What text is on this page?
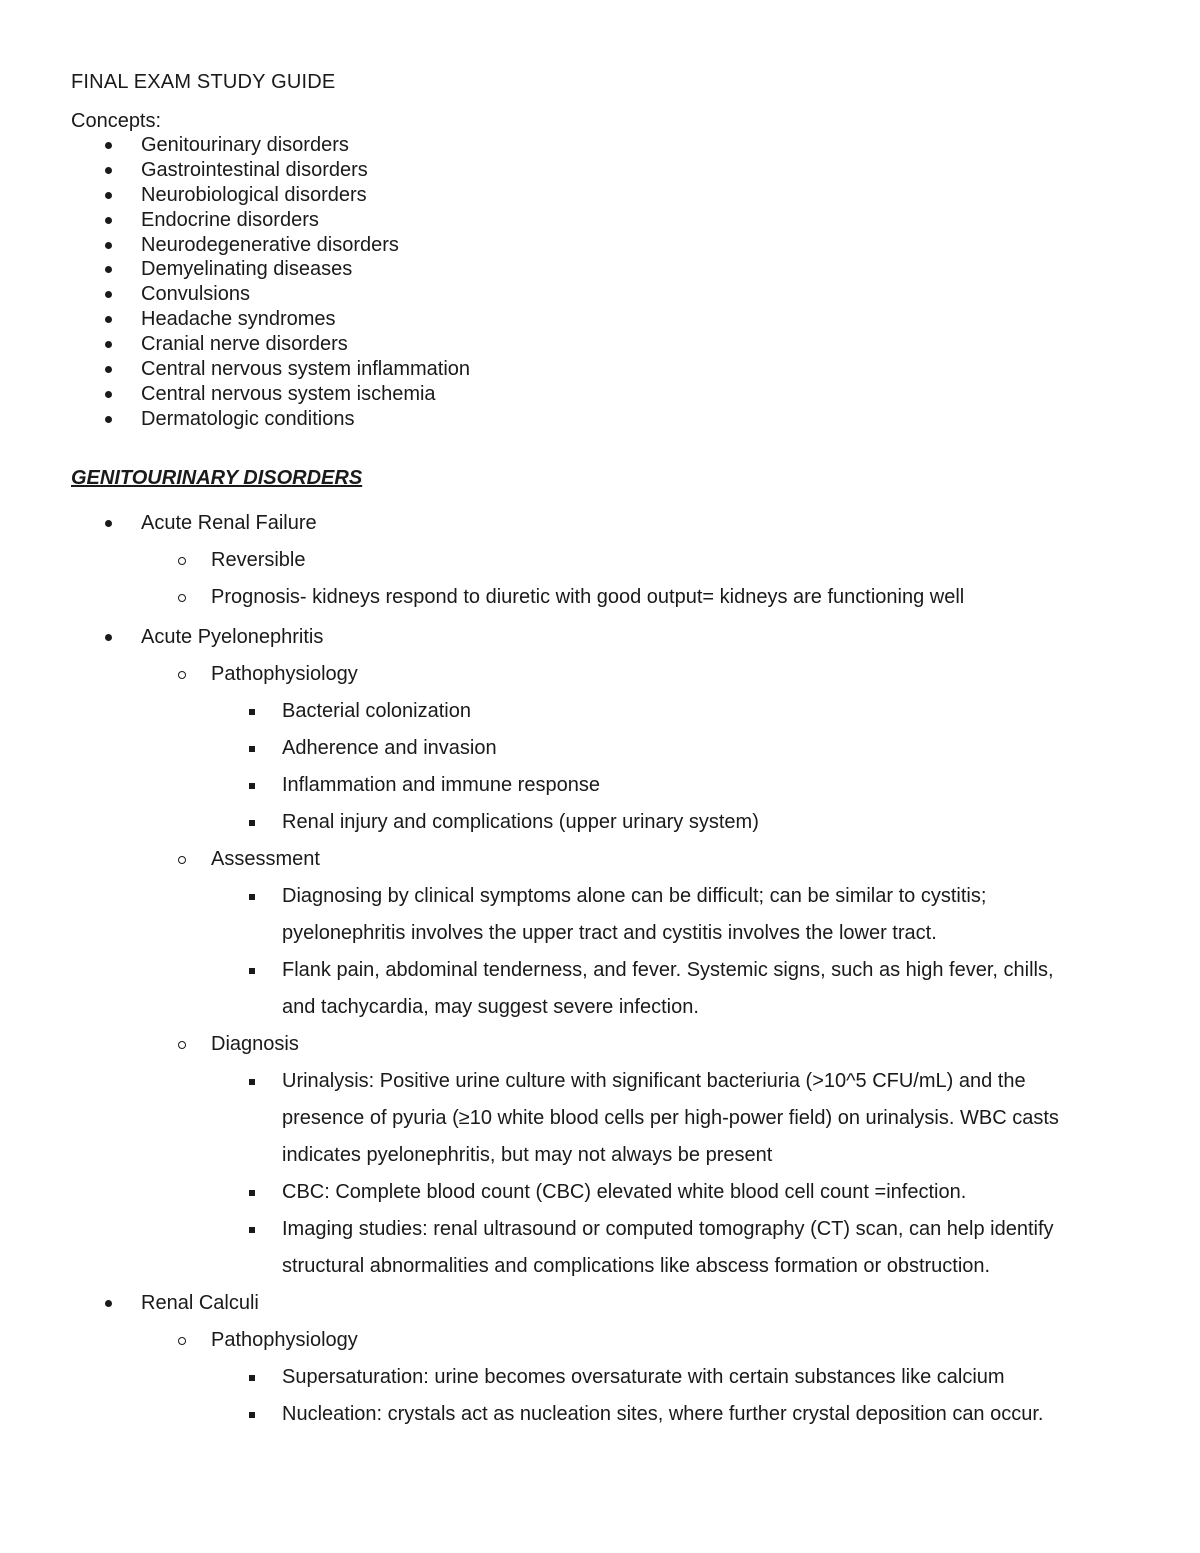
FINAL EXAM STUDY GUIDE
Concepts:
Genitourinary disorders
Gastrointestinal disorders
Neurobiological disorders
Endocrine disorders
Neurodegenerative disorders
Demyelinating diseases
Convulsions
Headache syndromes
Cranial nerve disorders
Central nervous system inflammation
Central nervous system ischemia
Dermatologic conditions
GENITOURINARY DISORDERS
Acute Renal Failure
Reversible
Prognosis- kidneys respond to diuretic with good output= kidneys are functioning well
Acute Pyelonephritis
Pathophysiology
Bacterial colonization
Adherence and invasion
Inflammation and immune response
Renal injury and complications (upper urinary system)
Assessment
Diagnosing by clinical symptoms alone can be difficult; can be similar to cystitis;
pyelonephritis involves the upper tract and cystitis involves the lower tract.
Flank pain, abdominal tenderness, and fever. Systemic signs, such as high fever, chills,
and tachycardia, may suggest severe infection.
Diagnosis
Urinalysis: Positive urine culture with significant bacteriuria (>10^5 CFU/mL) and the
presence of pyuria (≥10 white blood cells per high-power field) on urinalysis. WBC casts
indicates pyelonephritis, but may not always be present
CBC: Complete blood count (CBC) elevated white blood cell count =infection.
Imaging studies: renal ultrasound or computed tomography (CT) scan, can help identify
structural abnormalities and complications like abscess formation or obstruction.
Renal Calculi
Pathophysiology
Supersaturation: urine becomes oversaturate with certain substances like calcium
Nucleation: crystals act as nucleation sites, where further crystal deposition can occur.
